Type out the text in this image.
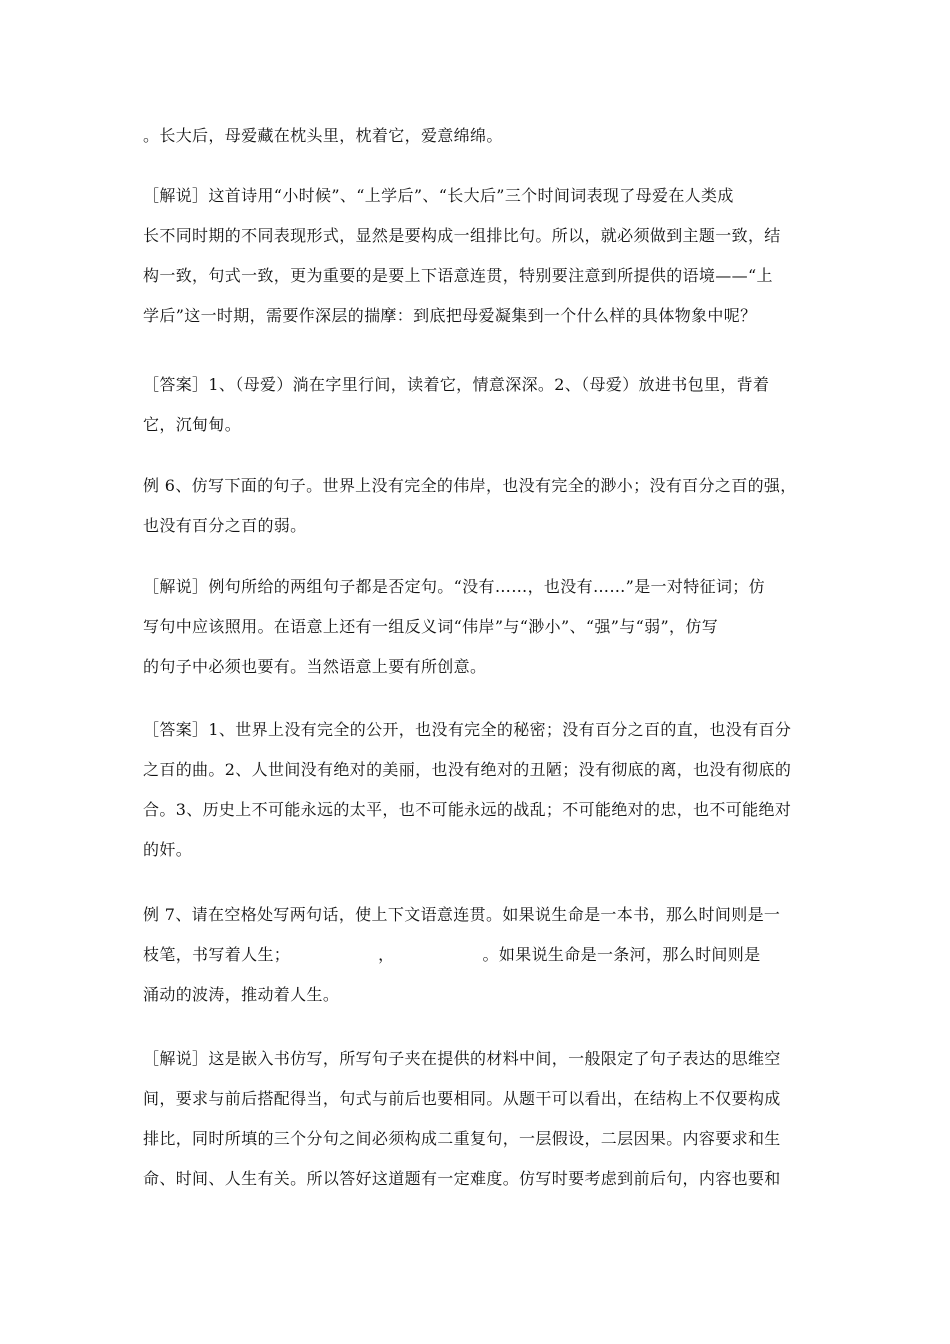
。长大后，母爱藏在枕头里，枕着它，爱意绵绵。
［解说］这首诗用“小时候”、“上学后”、“长大后”三个时间词表现了母爱在人类成
长不同时期的不同表现形式，显然是要构成一组排比句。所以，就必须做到主题一致，结
构一致，句式一致，更为重要的是要上下语意连贯，特别要注意到所提供的语境——“上
学后”这一时期，需要作深层的揣摩：到底把母爱凝集到一个什么样的具体物象中呢？
［答案］1、（母爱）淌在字里行间，读着它，情意深深。2、（母爱）放进书包里，背着
它，沉甸甸。
例 6、仿写下面的句子。世界上没有完全的伟岸，也没有完全的渺小；没有百分之百的强，
也没有百分之百的弱。
［解说］例句所给的两组句子都是否定句。“没有……，也没有……”是一对特征词；仿
写句中应该照用。在语意上还有一组反义词“伟岸”与“渺小”、“强”与“弱”，仿写
的句子中必须也要有。当然语意上要有所创意。
［答案］1、世界上没有完全的公开，也没有完全的秘密；没有百分之百的直，也没有百分
之百的曲。2、人世间没有绝对的美丽，也没有绝对的丑陋；没有彻底的离，也没有彻底的
合。3、历史上不可能永远的太平，也不可能永远的战乱；不可能绝对的忠，也不可能绝对
的奸。
例 7、请在空格处写两句话，使上下文语意连贯。如果说生命是一本书，那么时间则是一
枝笔，书写着人生；	，	。如果说生命是一条河，那么时间则是
涌动的波涛，推动着人生。
［解说］这是嵌入书仿写，所写句子夹在提供的材料中间，一般限定了句子表达的思维空
间，要求与前后搭配得当，句式与前后也要相同。从题干可以看出，在结构上不仅要构成
排比，同时所填的三个分句之间必须构成二重复句，一层假设，二层因果。内容要求和生
命、时间、人生有关。所以答好这道题有一定难度。仿写时要考虑到前后句，内容也要和
